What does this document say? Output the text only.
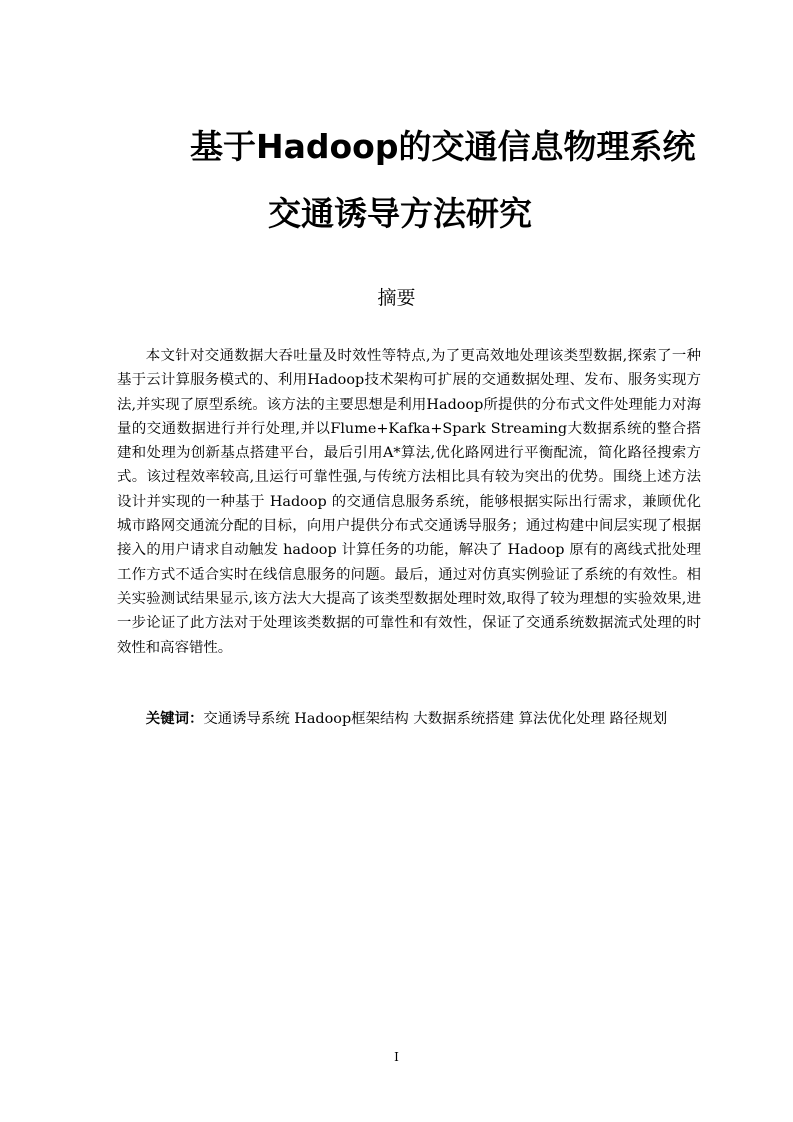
基于Hadoop的交通信息物理系统
交通诱导方法研究
摘要

本文针对交通数据大吞吐量及时效性等特点,为了更高效地处理该类型数据,探索了一种基于云计算服务模式的、利用Hadoop技术架构可扩展的交通数据处理、发布、服务实现方法,并实现了原型系统。该方法的主要思想是利用Hadoop所提供的分布式文件处理能力对海量的交通数据进行并行处理,并以Flume+Kafka+Spark Streaming大数据系统的整合搭建和处理为创新基点搭建平台，最后引用A*算法,优化路网进行平衡配流，简化路径搜索方式。该过程效率较高,且运行可靠性强,与传统方法相比具有较为突出的优势。围绕上述方法设计并实现的一种基于 Hadoop 的交通信息服务系统，能够根据实际出行需求，兼顾优化城市路网交通流分配的目标，向用户提供分布式交通诱导服务；通过构建中间层实现了根据接入的用户请求自动触发 hadoop 计算任务的功能，解决了 Hadoop 原有的离线式批处理工作方式不适合实时在线信息服务的问题。最后，通过对仿真实例验证了系统的有效性。相关实验测试结果显示,该方法大大提高了该类型数据处理时效,取得了较为理想的实验效果,进一步论证了此方法对于处理该类数据的可靠性和有效性，保证了交通系统数据流式处理的时效性和高容错性。

关键词：交通诱导系统 Hadoop框架结构 大数据系统搭建 算法优化处理 路径规划

I
